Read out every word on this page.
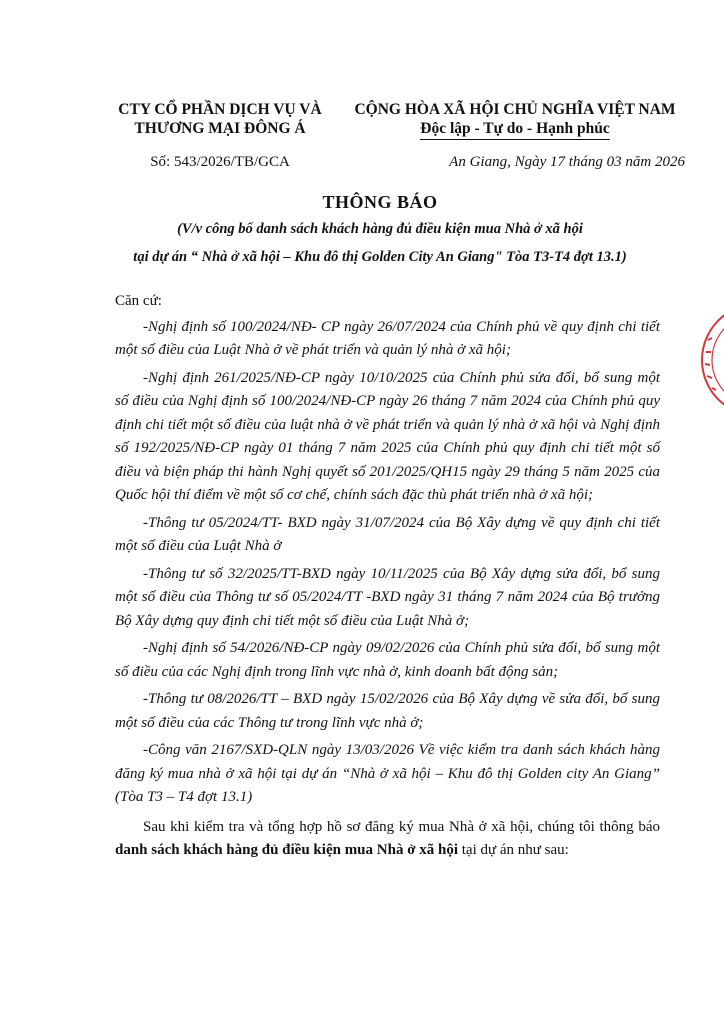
CTY CỔ PHẦN DỊCH VỤ VÀ
THƯƠNG MẠI ĐÔNG Á
Số: 543/2026/TB/GCA
CỘNG HÒA XÃ HỘI CHỦ NGHĨA VIỆT NAM
Độc lập - Tự do - Hạnh phúc
An Giang, Ngày 17 tháng 03 năm 2026
THÔNG BÁO
(V/v công bố danh sách khách hàng đủ điều kiện mua Nhà ở xã hội
tại dự án “ Nhà ở xã hội – Khu đô thị Golden City An Giang" Tòa T3-T4 đợt 13.1)
Căn cứ:
-Nghị định số 100/2024/NĐ- CP ngày 26/07/2024 của Chính phủ về quy định chi tiết một số điều của Luật Nhà ở về phát triển và quản lý nhà ở xã hội;
-Nghị định 261/2025/NĐ-CP ngày 10/10/2025 của Chính phủ sửa đổi, bổ sung một số điều của Nghị định số 100/2024/NĐ-CP ngày 26 tháng 7 năm 2024 của Chính phủ quy định chi tiết một số điều của luật nhà ở về phát triển và quản lý nhà ở xã hội và Nghị định số 192/2025/NĐ-CP ngày 01 tháng 7 năm 2025 của Chính phủ quy định chi tiết một số điều và biện pháp thi hành Nghị quyết số 201/2025/QH15 ngày 29 tháng 5 năm 2025 của Quốc hội thí điểm về một số cơ chế, chính sách đặc thù phát triển nhà ở xã hội;
-Thông tư 05/2024/TT- BXD ngày 31/07/2024 của Bộ Xây dựng về quy định chi tiết một số điều của Luật Nhà ở
-Thông tư số 32/2025/TT-BXD ngày 10/11/2025 của Bộ Xây dựng sửa đổi, bổ sung một số điều của Thông tư số 05/2024/TT -BXD ngày 31 tháng 7 năm 2024 của Bộ trưởng Bộ Xây dựng quy định chi tiết một số điều của Luật Nhà ở;
-Nghị định số 54/2026/NĐ-CP ngày 09/02/2026 của Chính phủ sửa đổi, bổ sung một số điều của các Nghị định trong lĩnh vực nhà ở, kinh doanh bất động sản;
-Thông tư 08/2026/TT – BXD ngày 15/02/2026 của Bộ Xây dựng về sửa đổi, bổ sung một số điều của các Thông tư trong lĩnh vực nhà ở;
-Công văn 2167/SXD-QLN ngày 13/03/2026 Về việc kiểm tra danh sách khách hàng đăng ký mua nhà ở xã hội tại dự án “Nhà ở xã hội – Khu đô thị Golden city An Giang” (Tòa T3 – T4 đợt 13.1)
Sau khi kiểm tra và tổng hợp hồ sơ đăng ký mua Nhà ở xã hội, chúng tôi thông báo danh sách khách hàng đủ điều kiện mua Nhà ở xã hội tại dự án như sau:
